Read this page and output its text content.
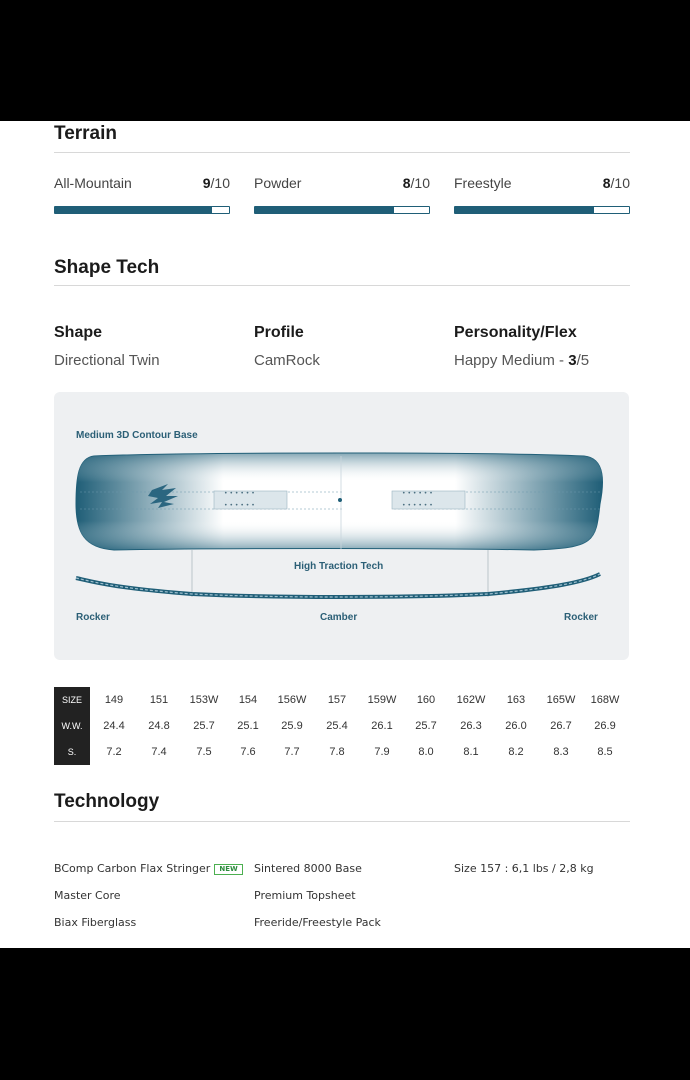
Terrain
All-Mountain	9/10 Powder	8/10 Freestyle	8/10
Shape Tech
Shape
Directional Twin
Profile
CamRock
Personality/Flex
Happy Medium - 3/5
Medium 3D Contour Base
• • • • • •
• • • • • •
• • • • • •
• • • • • •
High Traction Tech
Rocker	Camber	Rocker
SIZE	149	151	153W	154	156W	157	159W	160	162W	163	165W	168W
W.W.	24.4	24.8	25.7	25.1	25.9	25.4	26.1	25.7	26.3	26.0	26.7	26.9
S.	7.2	7.4	7.5	7.6	7.7	7.8	7.9	8.0	8.1	8.2	8.3	8.5
Technology
BComp Carbon Flax Stringer NEW
Master Core
Biax Fiberglass
Sintered 8000 Base
Premium Topsheet
Freeride/Freestyle Pack
Size 157 : 6,1 lbs / 2,8 kg
